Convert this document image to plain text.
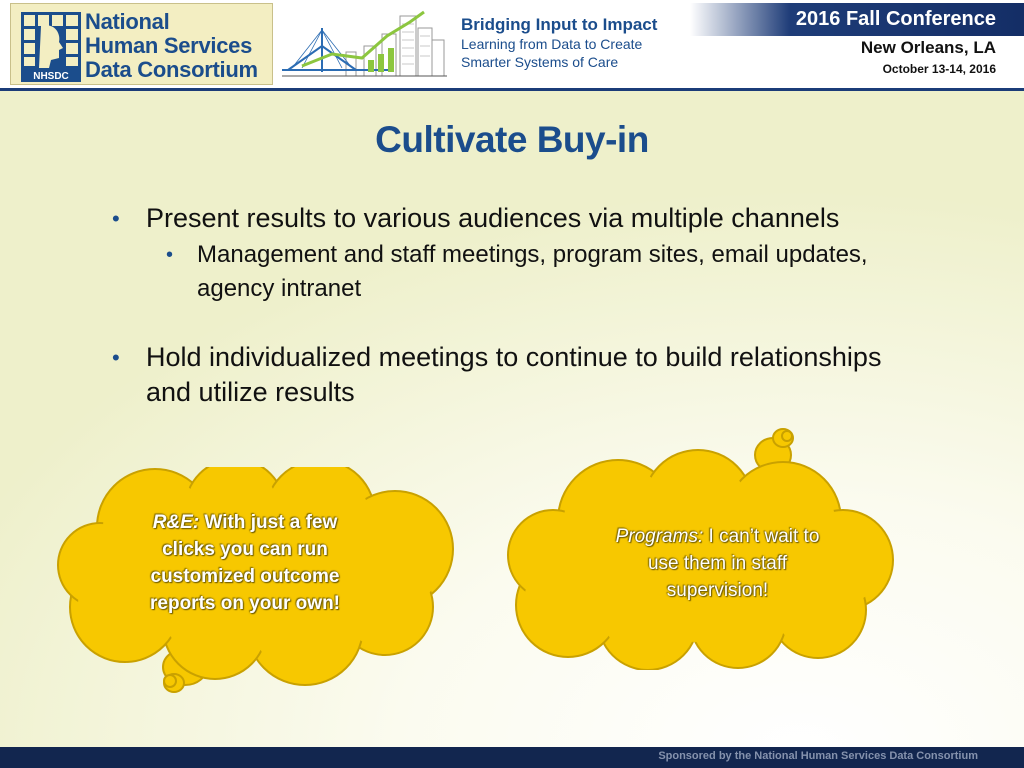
NHSDC
National
Human Services
Data Consortium
Bridging Input to Impact
Learning from Data to Create
Smarter Systems of Care
2016 Fall Conference
New Orleans, LA
October 13-14, 2016
Cultivate Buy-in
• Present results to various audiences via multiple channels
• Management and staff meetings, program sites, email updates, agency intranet
• Hold individualized meetings to continue to build relationships and utilize results
R&E: With just a few clicks you can run customized outcome reports on your own!
Programs: I can’t wait to use them in staff supervision!
Sponsored by the National Human Services Data Consortium
